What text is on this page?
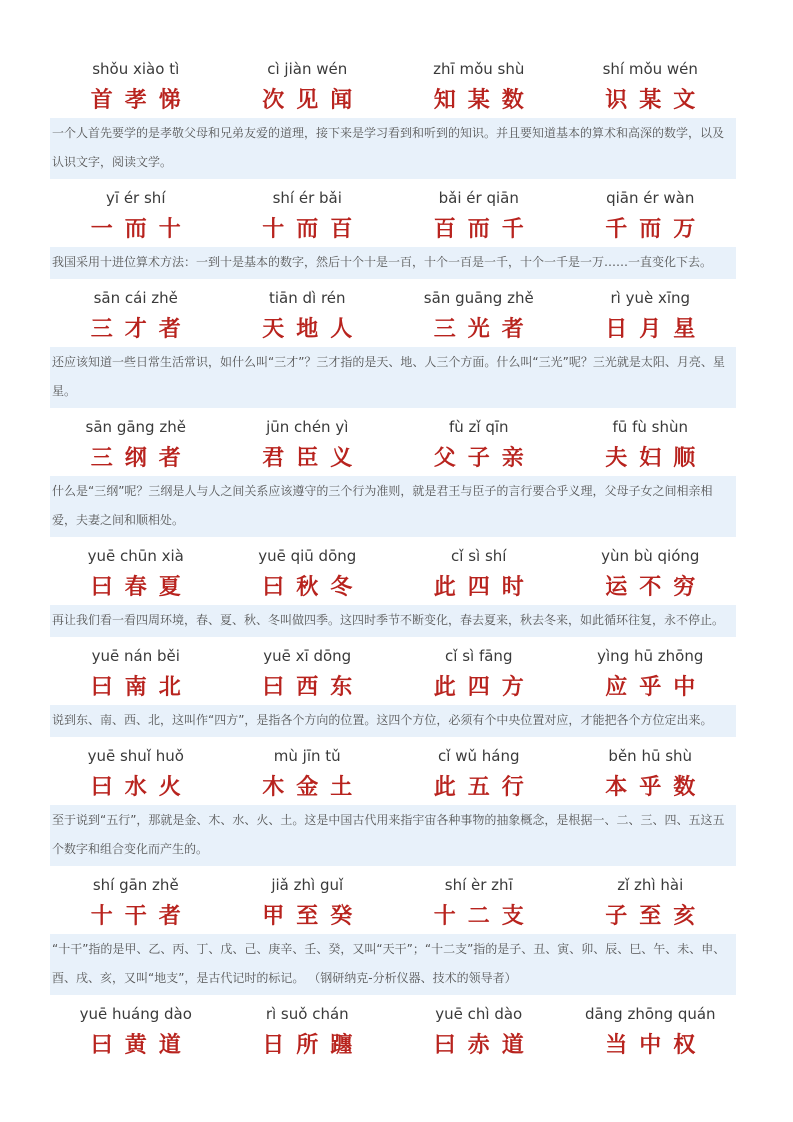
shǒu xiào tì
首孝悌
cì jiàn wén
次见闻
zhī mǒu shù
知某数
shí mǒu wén
识某文
一个人首先要学的是孝敬父母和兄弟友爱的道理，接下来是学习看到和听到的知识。并且要知道基本的算术和高深的数学，以及认识文字，阅读文学。
yī ér shí
一而十
shí ér bǎi
十而百
bǎi ér qiān
百而千
qiān ér wàn
千而万
我国采用十进位算术方法：一到十是基本的数字，然后十个十是一百，十个一百是一千，十个一千是一万……一直变化下去。
sān cái zhě
三才者
tiān dì rén
天地人
sān guāng zhě
三光者
rì yuè xīng
日月星
还应该知道一些日常生活常识，如什么叫“三才”？三才指的是天、地、人三个方面。什么叫“三光”呢？三光就是太阳、月亮、星星。
sān gāng zhě
三纲者
jūn chén yì
君臣义
fù zǐ qīn
父子亲
fū fù shùn
夫妇顺
什么是“三纲”呢？三纲是人与人之间关系应该遵守的三个行为准则，就是君王与臣子的言行要合乎义理，父母子女之间相亲相爱，夫妻之间和顺相处。
yuē chūn xià
曰春夏
yuē qiū dōng
曰秋冬
cǐ sì shí
此四时
yùn bù qióng
运不穷
再让我们看一看四周环境，春、夏、秋、冬叫做四季。这四时季节不断变化，春去夏来，秋去冬来，如此循环往复，永不停止。
yuē nán běi
曰南北
yuē xī dōng
曰西东
cǐ sì fāng
此四方
yìng hū zhōng
应乎中
说到东、南、西、北，这叫作“四方”，是指各个方向的位置。这四个方位，必须有个中央位置对应，才能把各个方位定出来。
yuē shuǐ huǒ
曰水火
mù jīn tǔ
木金土
cǐ wǔ háng
此五行
běn hū shù
本乎数
至于说到“五行”，那就是金、木、水、火、土。这是中国古代用来指宇宙各种事物的抽象概念，是根据一、二、三、四、五这五个数字和组合变化而产生的。
shí gān zhě
十干者
jiǎ zhì guǐ
甲至癸
shí èr zhī
十二支
zǐ zhì hài
子至亥
“十干”指的是甲、乙、丙、丁、戊、己、庚辛、壬、癸，又叫“天干”；“十二支”指的是子、丑、寅、卯、辰、巳、午、未、申、酉、戌、亥，又叫“地支”，是古代记时的标记。 （钢研纳克-分析仪器、技术的领导者）
yuē huáng dào
曰黄道
rì suǒ chán
日所躔
yuē chì dào
曰赤道
dāng zhōng quán
当中权
